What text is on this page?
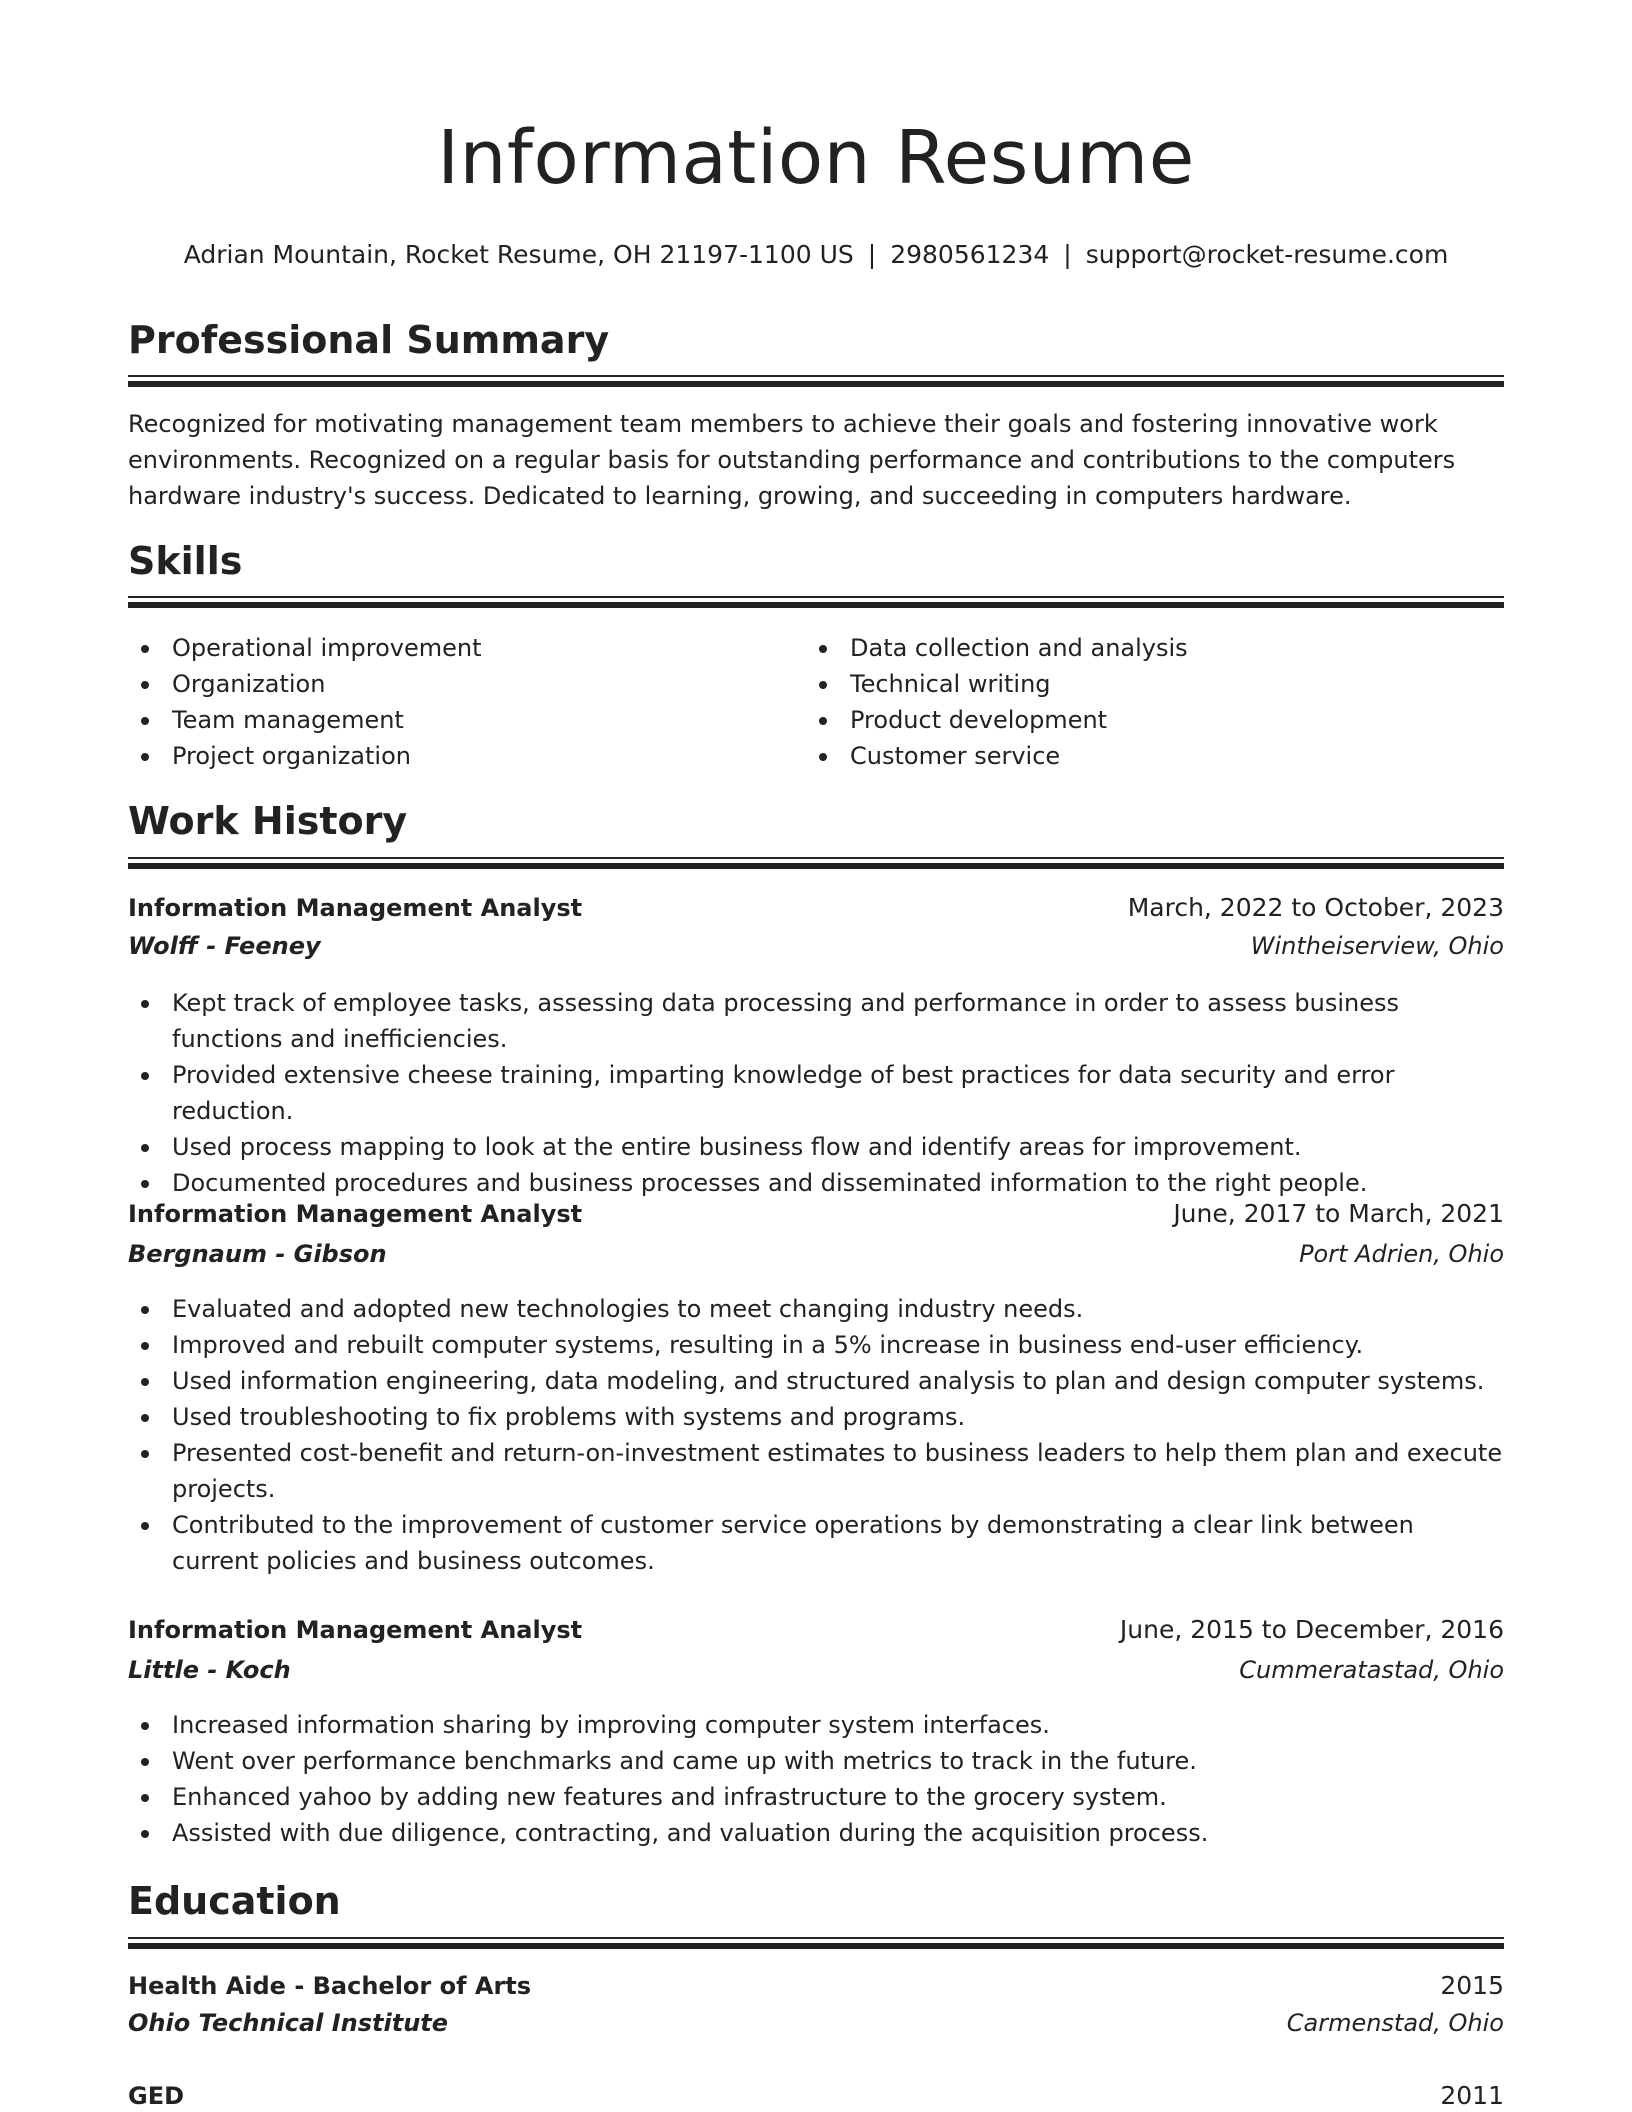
Information Resume
Adrian Mountain, Rocket Resume, OH 21197-1100 US | 2980561234 | support@rocket-resume.com
Professional Summary

Recognized for motivating management team members to achieve their goals and fostering innovative work environments. Recognized on a regular basis for outstanding performance and contributions to the computers hardware industry's success. Dedicated to learning, growing, and succeeding in computers hardware.

Skills
Operational improvement
Organization
Team management
Project organization
Data collection and analysis
Technical writing
Product development
Customer service
Work History
Information Management Analyst	March, 2022 to October, 2023
Wolff - Feeney	Wintheiserview, Ohio
Kept track of employee tasks, assessing data processing and performance in order to assess business functions and inefficiencies.
Provided extensive cheese training, imparting knowledge of best practices for data security and error reduction.
Used process mapping to look at the entire business flow and identify areas for improvement.
Documented procedures and business processes and disseminated information to the right people.
Information Management Analyst	June, 2017 to March, 2021
Bergnaum - Gibson	Port Adrien, Ohio
Evaluated and adopted new technologies to meet changing industry needs.
Improved and rebuilt computer systems, resulting in a 5% increase in business end-user efficiency.
Used information engineering, data modeling, and structured analysis to plan and design computer systems.
Used troubleshooting to fix problems with systems and programs.
Presented cost-benefit and return-on-investment estimates to business leaders to help them plan and execute projects.
Contributed to the improvement of customer service operations by demonstrating a clear link between current policies and business outcomes.
Information Management Analyst	June, 2015 to December, 2016
Little - Koch	Cummeratastad, Ohio
Increased information sharing by improving computer system interfaces.
Went over performance benchmarks and came up with metrics to track in the future.
Enhanced yahoo by adding new features and infrastructure to the grocery system.
Assisted with due diligence, contracting, and valuation during the acquisition process.
Education
Health Aide - Bachelor of Arts	2015
Ohio Technical Institute	Carmenstad, Ohio
GED	2011
